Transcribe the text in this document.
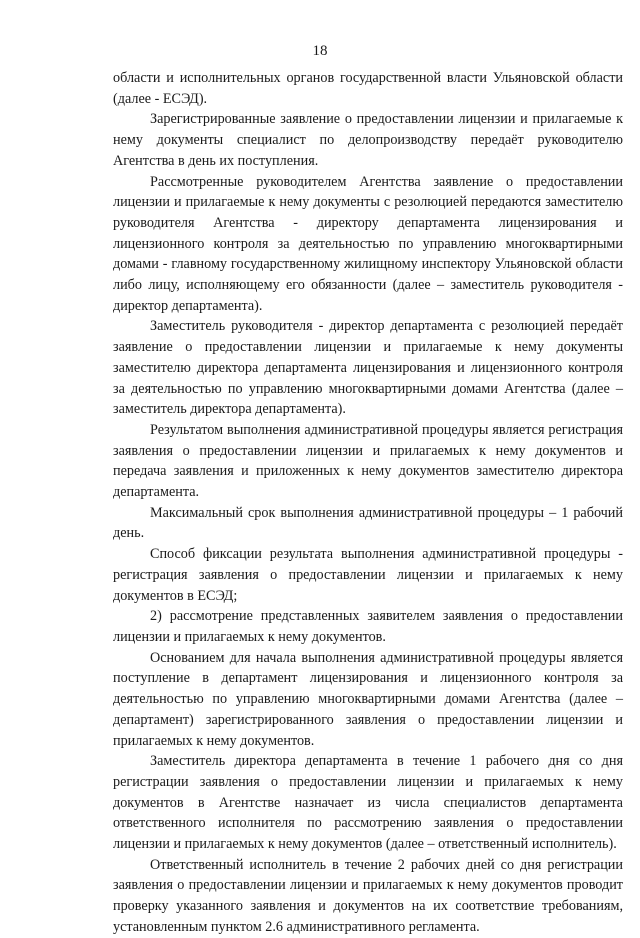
18

области и исполнительных органов государственной власти Ульяновской области (далее - ЕСЭД).

Зарегистрированные заявление о предоставлении лицензии и прилагаемые к нему документы специалист по делопроизводству передаёт руководителю Агентства в день их поступления.

Рассмотренные руководителем Агентства заявление о предоставлении лицензии и прилагаемые к нему документы с резолюцией передаются заместителю руководителя Агентства - директору департамента лицензирования и лицензионного контроля за деятельностью по управлению многоквартирными домами - главному государственному жилищному инспектору Ульяновской области либо лицу, исполняющему его обязанности (далее – заместитель руководителя - директор департамента).

Заместитель руководителя - директор департамента с резолюцией передаёт заявление о предоставлении лицензии и прилагаемые к нему документы заместителю директора департамента лицензирования и лицензионного контроля за деятельностью по управлению многоквартирными домами Агентства (далее – заместитель директора департамента).

Результатом выполнения административной процедуры является регистрация заявления о предоставлении лицензии и прилагаемых к нему документов и передача заявления и приложенных к нему документов заместителю директора департамента.

Максимальный срок выполнения административной процедуры – 1 рабочий день.

Способ фиксации результата выполнения административной процедуры - регистрация заявления о предоставлении лицензии и прилагаемых к нему документов в ЕСЭД;

2) рассмотрение представленных заявителем заявления о предоставлении лицензии и прилагаемых к нему документов.

Основанием для начала выполнения административной процедуры является поступление в департамент лицензирования и лицензионного контроля за деятельностью по управлению многоквартирными домами Агентства (далее – департамент) зарегистрированного заявления о предоставлении лицензии и прилагаемых к нему документов.

Заместитель директора департамента в течение 1 рабочего дня со дня регистрации заявления о предоставлении лицензии и прилагаемых к нему документов в Агентстве назначает из числа специалистов департамента ответственного исполнителя по рассмотрению заявления о предоставлении лицензии и прилагаемых к нему документов (далее – ответственный исполнитель).

Ответственный исполнитель в течение 2 рабочих дней со дня регистрации заявления о предоставлении лицензии и прилагаемых к нему документов проводит проверку указанного заявления и документов на их соответствие требованиям, установленным пунктом 2.6 административного регламента.
